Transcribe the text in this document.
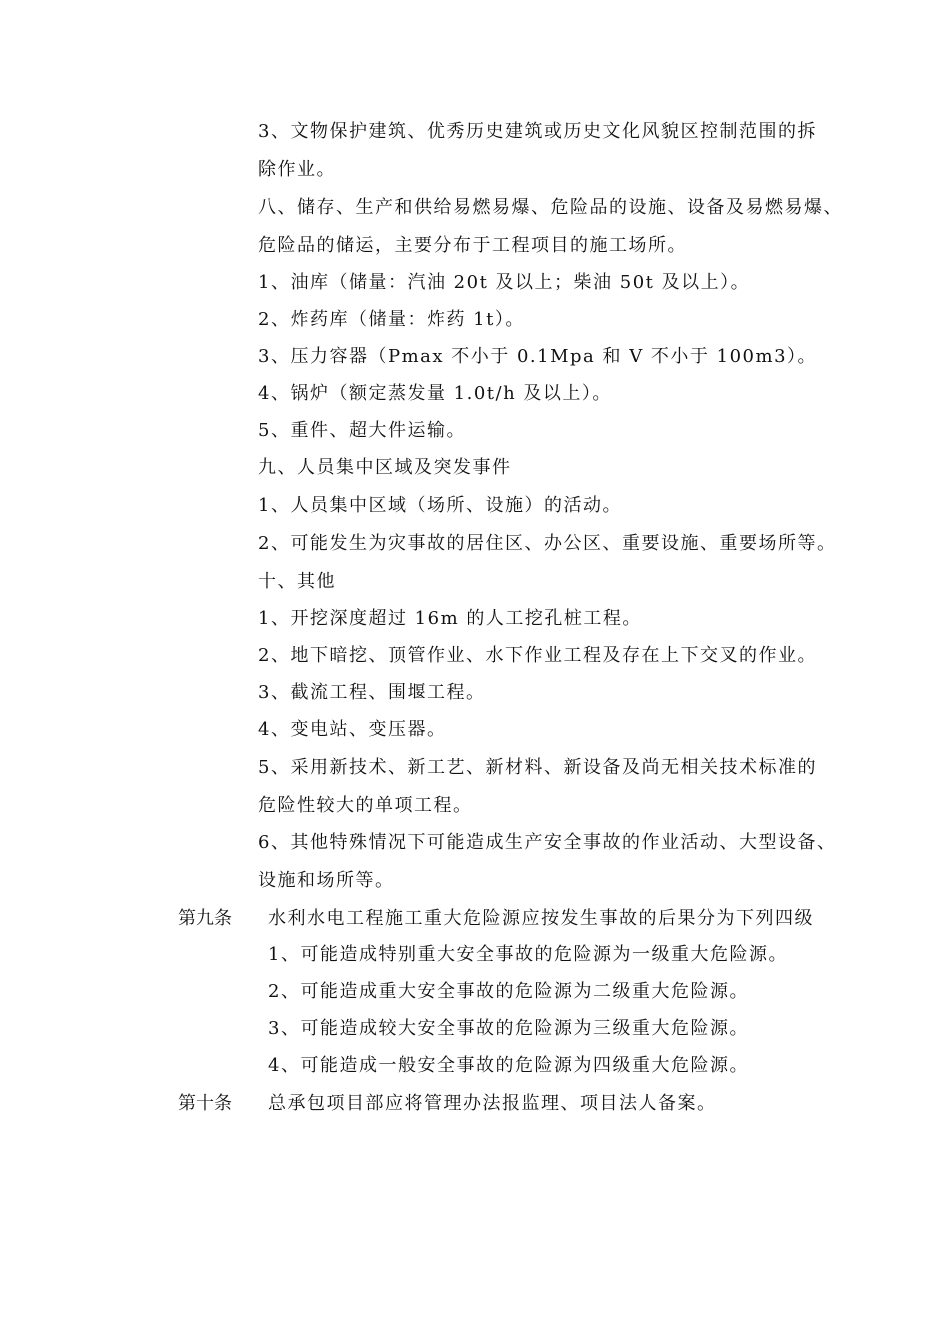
3、文物保护建筑、优秀历史建筑或历史文化风貌区控制范围的拆
除作业。
八、储存、生产和供给易燃易爆、危险品的设施、设备及易燃易爆、
危险品的储运，主要分布于工程项目的施工场所。
1、油库（储量：汽油 20t 及以上；柴油 50t 及以上）。
2、炸药库（储量：炸药 1t）。
3、压力容器（Pmax 不小于 0.1Mpa 和 V 不小于 100m3）。
4、锅炉（额定蒸发量 1.0t/h 及以上）。
5、重件、超大件运输。
九、人员集中区域及突发事件
1、人员集中区域（场所、设施）的活动。
2、可能发生为灾事故的居住区、办公区、重要设施、重要场所等。
十、其他
1、开挖深度超过 16m 的人工挖孔桩工程。
2、地下暗挖、顶管作业、水下作业工程及存在上下交叉的作业。
3、截流工程、围堰工程。
4、变电站、变压器。
5、采用新技术、新工艺、新材料、新设备及尚无相关技术标准的
危险性较大的单项工程。
6、其他特殊情况下可能造成生产安全事故的作业活动、大型设备、
设施和场所等。
第九条 水利水电工程施工重大危险源应按发生事故的后果分为下列四级
1、可能造成特别重大安全事故的危险源为一级重大危险源。
2、可能造成重大安全事故的危险源为二级重大危险源。
3、可能造成较大安全事故的危险源为三级重大危险源。
4、可能造成一般安全事故的危险源为四级重大危险源。
第十条 总承包项目部应将管理办法报监理、项目法人备案。
